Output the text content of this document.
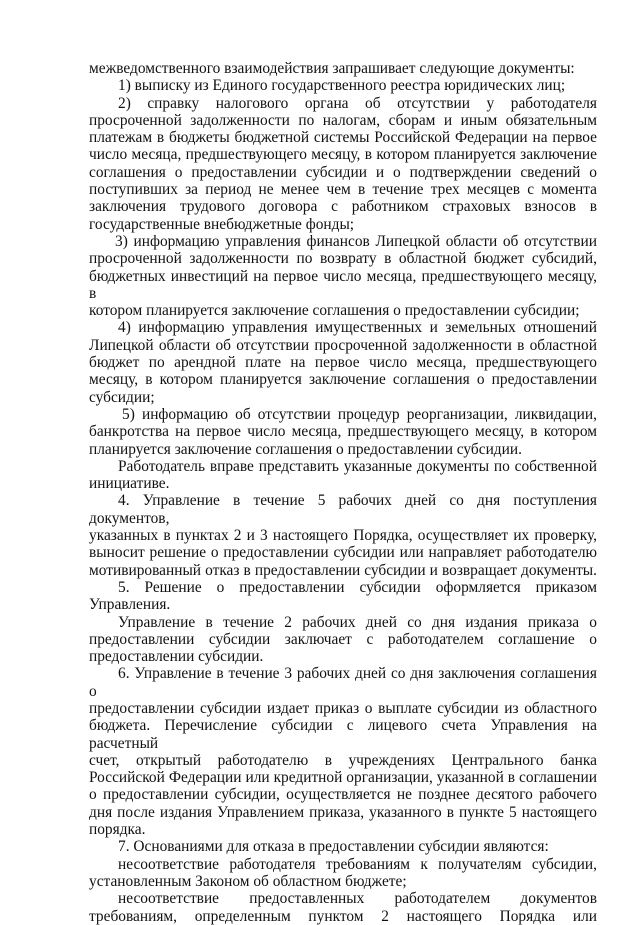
межведомственного взаимодействия запрашивает следующие документы:
1) выписку из Единого государственного реестра юридических лиц;
2) справку налогового органа об отсутствии у работодателя
просроченной задолженности по налогам, сборам и иным обязательным
платежам в бюджеты бюджетной системы Российской Федерации на первое
число месяца, предшествующего месяцу, в котором планируется заключение
соглашения о предоставлении субсидии и о подтверждении сведений о
поступивших за период не менее чем в течение трех месяцев с момента
заключения трудового договора с работником страховых взносов в
государственные внебюджетные фонды;
3) информацию управления финансов Липецкой области об отсутствии
просроченной задолженности по возврату в областной бюджет субсидий,
бюджетных инвестиций на первое число месяца, предшествующего месяцу, в
котором планируется заключение соглашения о предоставлении субсидии;
4) информацию управления имущественных и земельных отношений
Липецкой области об отсутствии просроченной задолженности в областной
бюджет по арендной плате на первое число месяца, предшествующего
месяцу, в котором планируется заключение соглашения о предоставлении
субсидии;
5) информацию об отсутствии процедур реорганизации, ликвидации,
банкротства на первое число месяца, предшествующего месяцу, в котором
планируется заключение соглашения о предоставлении субсидии.
Работодатель вправе представить указанные документы по собственной
инициативе.
4. Управление в течение 5 рабочих дней со дня поступления документов,
указанных в пунктах 2 и 3 настоящего Порядка, осуществляет их проверку,
выносит решение о предоставлении субсидии или направляет работодателю
мотивированный отказ в предоставлении субсидии и возвращает документы.
5. Решение о предоставлении субсидии оформляется приказом
Управления.
Управление в течение 2 рабочих дней со дня издания приказа о
предоставлении субсидии заключает с работодателем соглашение о
предоставлении субсидии.
6. Управление в течение 3 рабочих дней со дня заключения соглашения о
предоставлении субсидии издает приказ о выплате субсидии из областного
бюджета. Перечисление субсидии с лицевого счета Управления на расчетный
счет, открытый работодателю в учреждениях Центрального банка
Российской Федерации или кредитной организации, указанной в соглашении
о предоставлении субсидии, осуществляется не позднее десятого рабочего
дня после издания Управлением приказа, указанного в пункте 5 настоящего
порядка.
7. Основаниями для отказа в предоставлении субсидии являются:
несоответствие работодателя требованиям к получателям субсидии,
установленным Законом об областном бюджете;
несоответствие предоставленных работодателем документов
требованиям, определенным пунктом 2 настоящего Порядка или
